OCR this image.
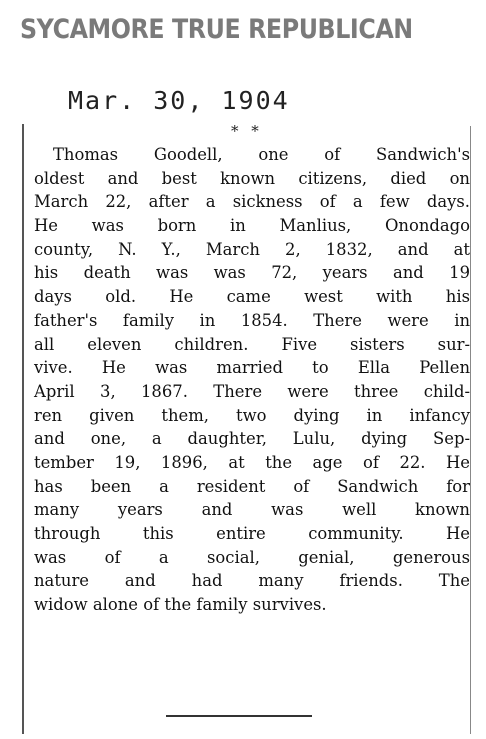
SYCAMORE TRUE REPUBLICAN
Mar. 30, 1904
* *
Thomas Goodell, one of Sandwich's
oldest and best known citizens, died on
March 22, after a sickness of a few days.
He was born in Manlius, Onondago
county, N. Y., March 2, 1832, and at
his death was was 72, years and 19
days old. He came west with his
father's family in 1854. There were in
all eleven children. Five sisters sur-
vive. He was married to Ella Pellen
April 3, 1867. There were three child-
ren given them, two dying in infancy
and one, a daughter, Lulu, dying Sep-
tember 19, 1896, at the age of 22. He
has been a resident of Sandwich for
many years and was well known
through this entire community. He
was of a social, genial, generous
nature and had many friends. The
widow alone of the family survives.
